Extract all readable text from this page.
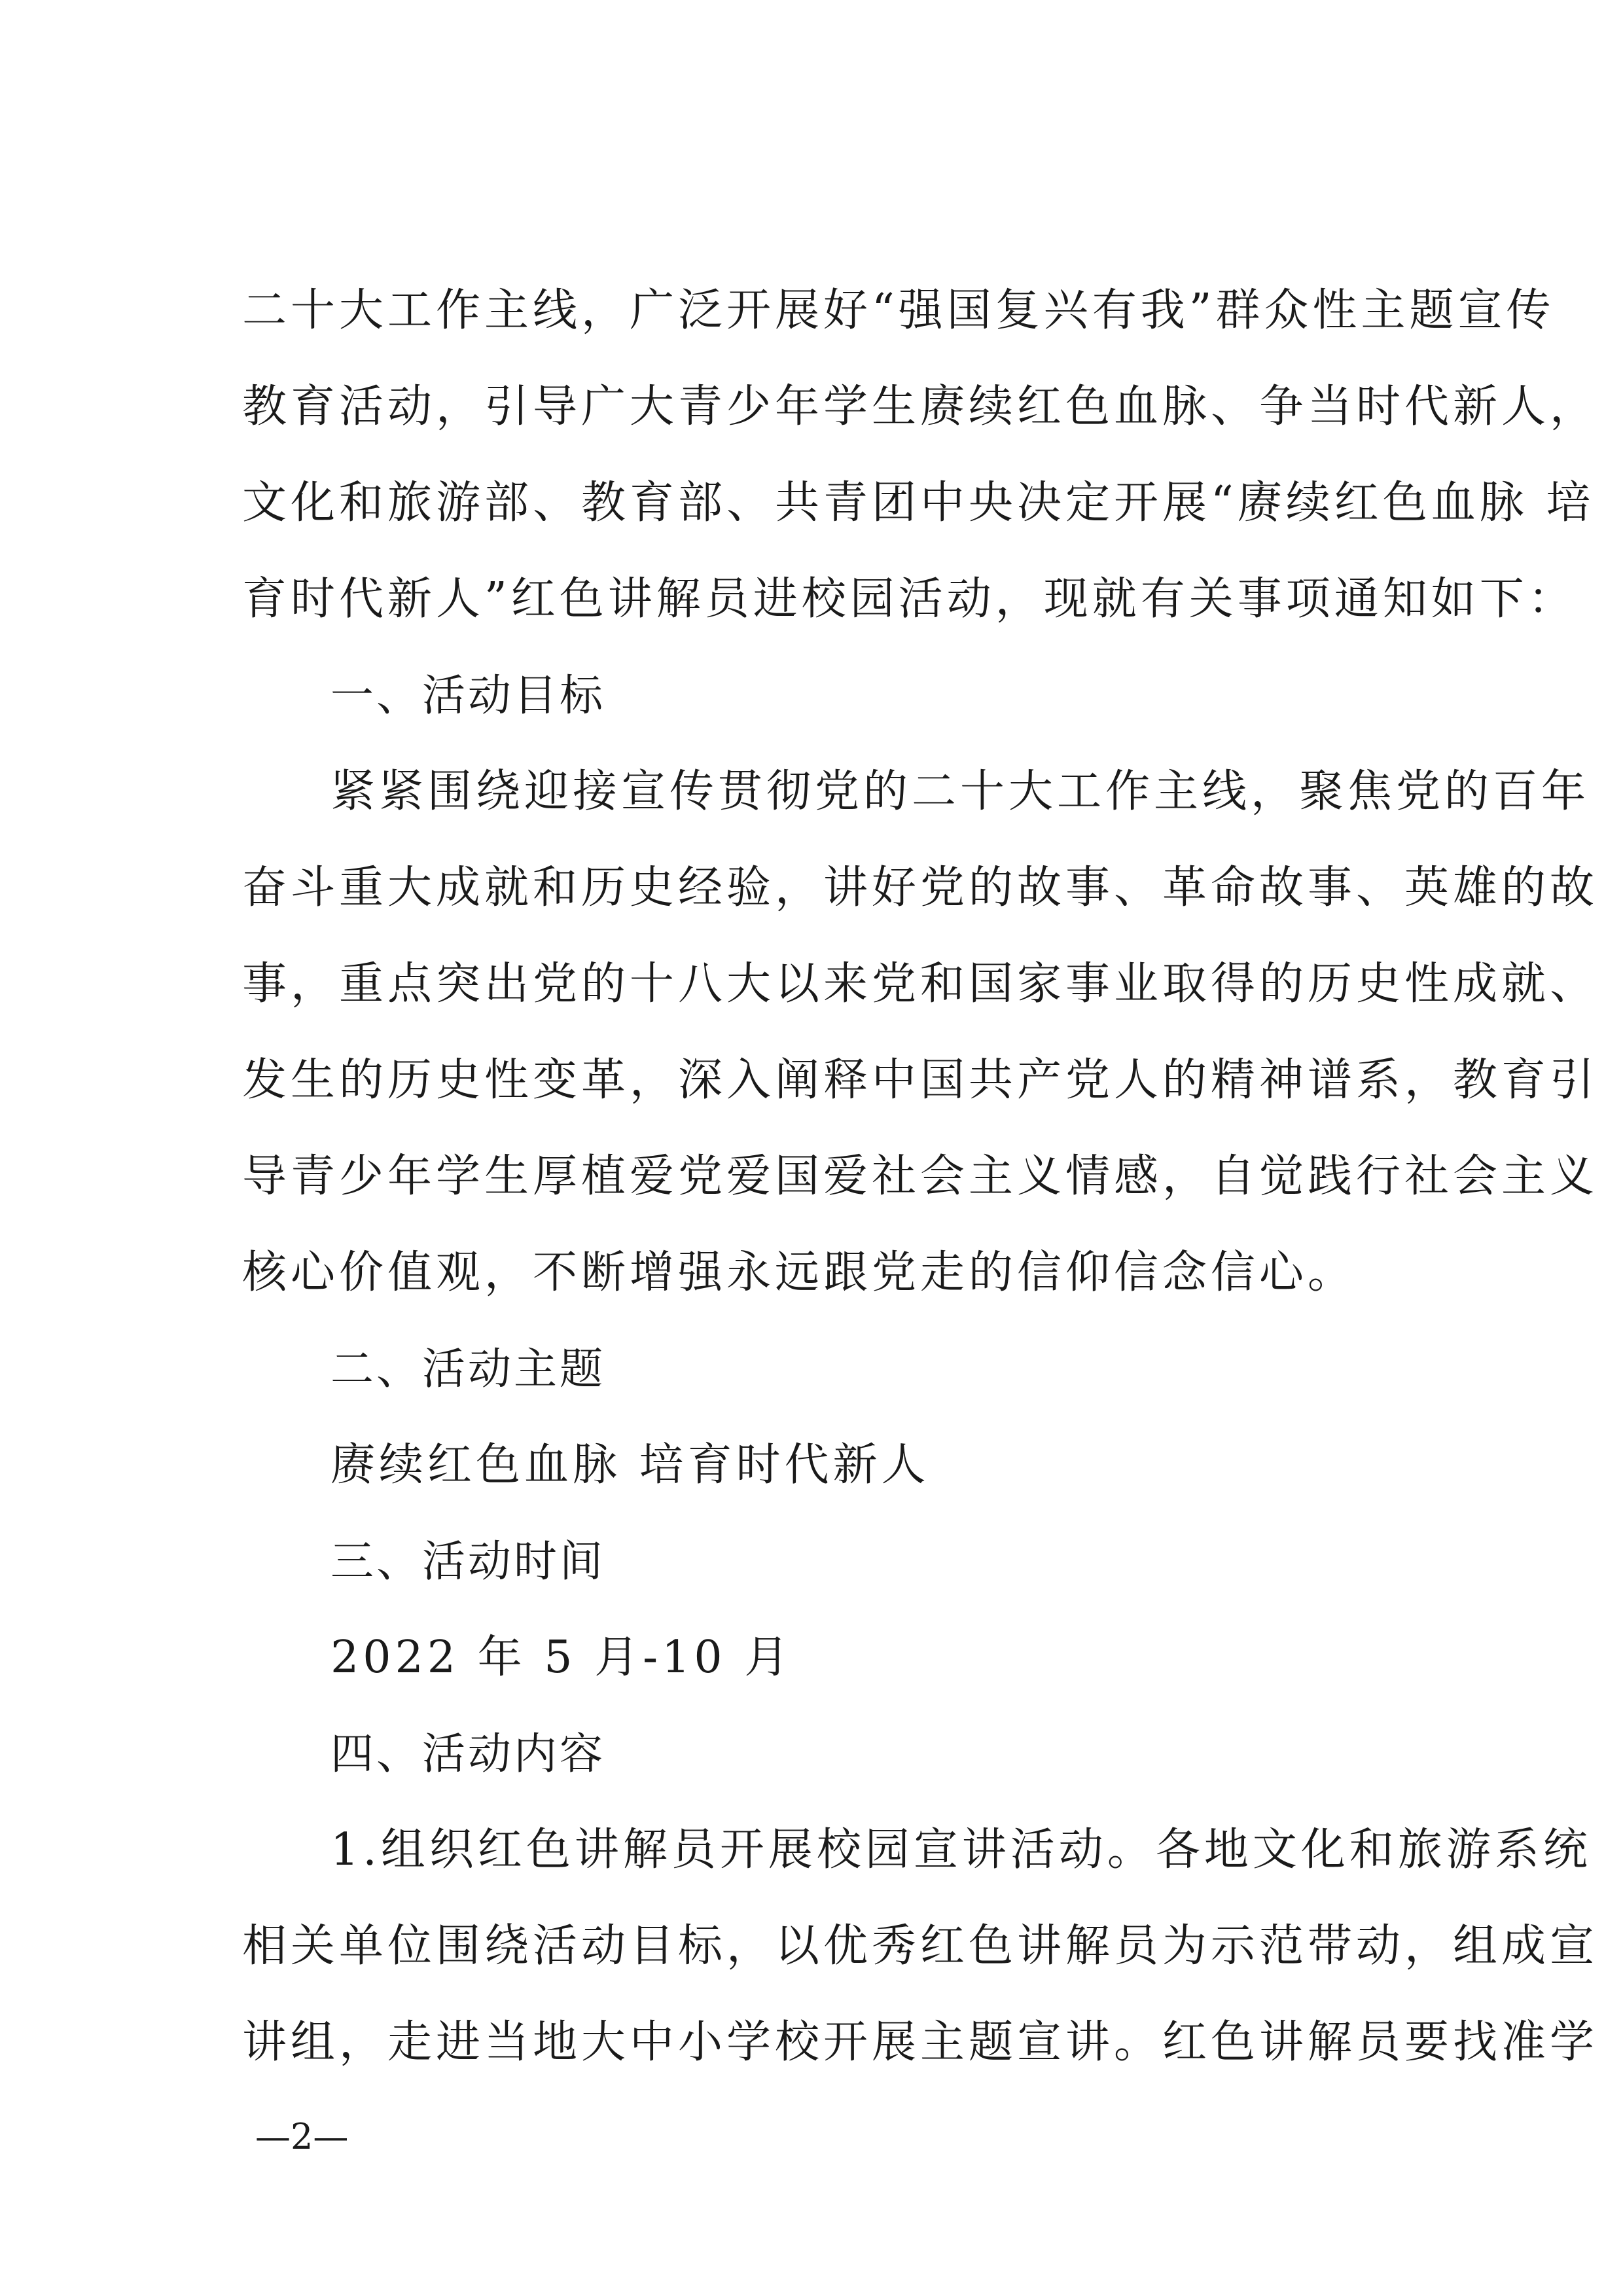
二十大工作主线，广泛开展好“强国复兴有我”群众性主题宣传
教育活动，引导广大青少年学生赓续红色血脉、争当时代新人，
文化和旅游部、教育部、共青团中央决定开展“赓续红色血脉 培
育时代新人”红色讲解员进校园活动，现就有关事项通知如下：
一、活动目标
紧紧围绕迎接宣传贯彻党的二十大工作主线，聚焦党的百年
奋斗重大成就和历史经验，讲好党的故事、革命故事、英雄的故
事，重点突出党的十八大以来党和国家事业取得的历史性成就、
发生的历史性变革，深入阐释中国共产党人的精神谱系，教育引
导青少年学生厚植爱党爱国爱社会主义情感，自觉践行社会主义
核心价值观，不断增强永远跟党走的信仰信念信心。
二、活动主题
赓续红色血脉 培育时代新人
三、活动时间
2022 年 5 月-10 月
四、活动内容
1.组织红色讲解员开展校园宣讲活动。各地文化和旅游系统
相关单位围绕活动目标，以优秀红色讲解员为示范带动，组成宣
讲组，走进当地大中小学校开展主题宣讲。红色讲解员要找准学
—2—
